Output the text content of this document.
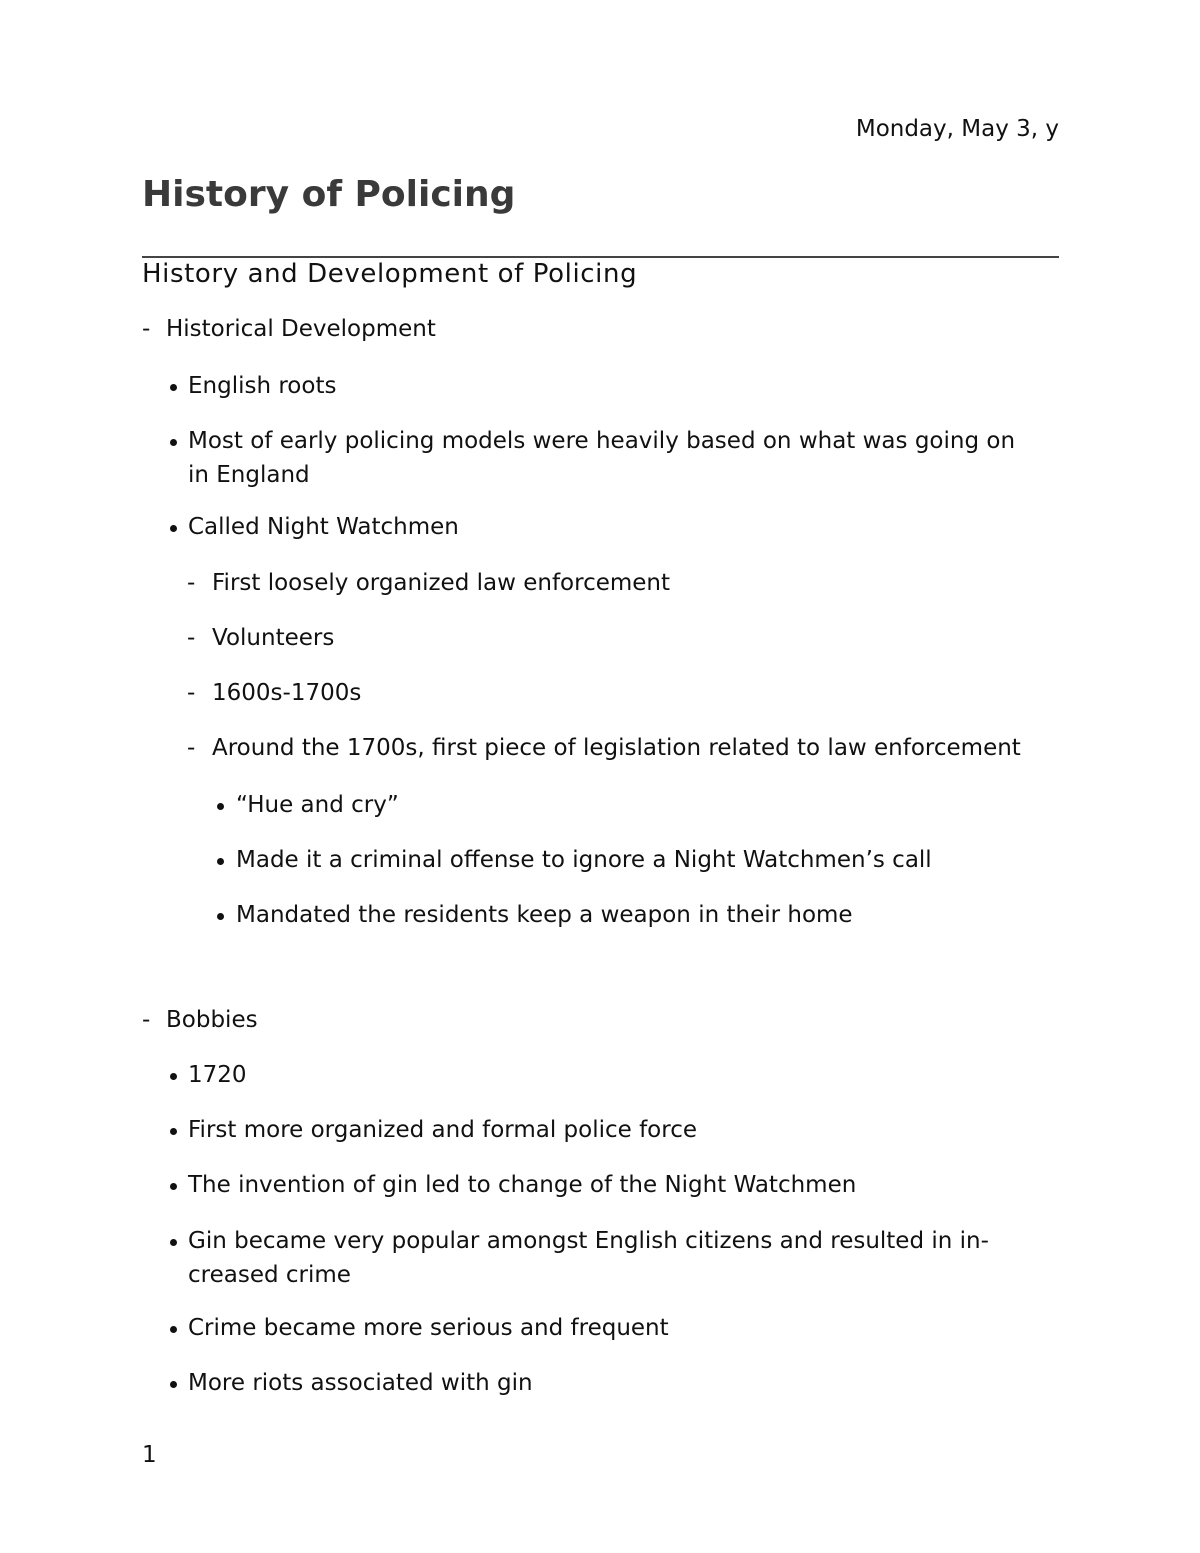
Monday, May 3, y
History of Policing
History and Development of Policing
- Historical Development
English roots
Most of early policing models were heavily based on what was going on
in England
Called Night Watchmen
- First loosely organized law enforcement
- Volunteers
- 1600s-1700s
- Around the 1700s, first piece of legislation related to law enforcement
“Hue and cry”
Made it a criminal offense to ignore a Night Watchmen’s call
Mandated the residents keep a weapon in their home
- Bobbies
1720
First more organized and formal police force
The invention of gin led to change of the Night Watchmen
Gin became very popular amongst English citizens and resulted in in-
creased crime
Crime became more serious and frequent
More riots associated with gin
1
